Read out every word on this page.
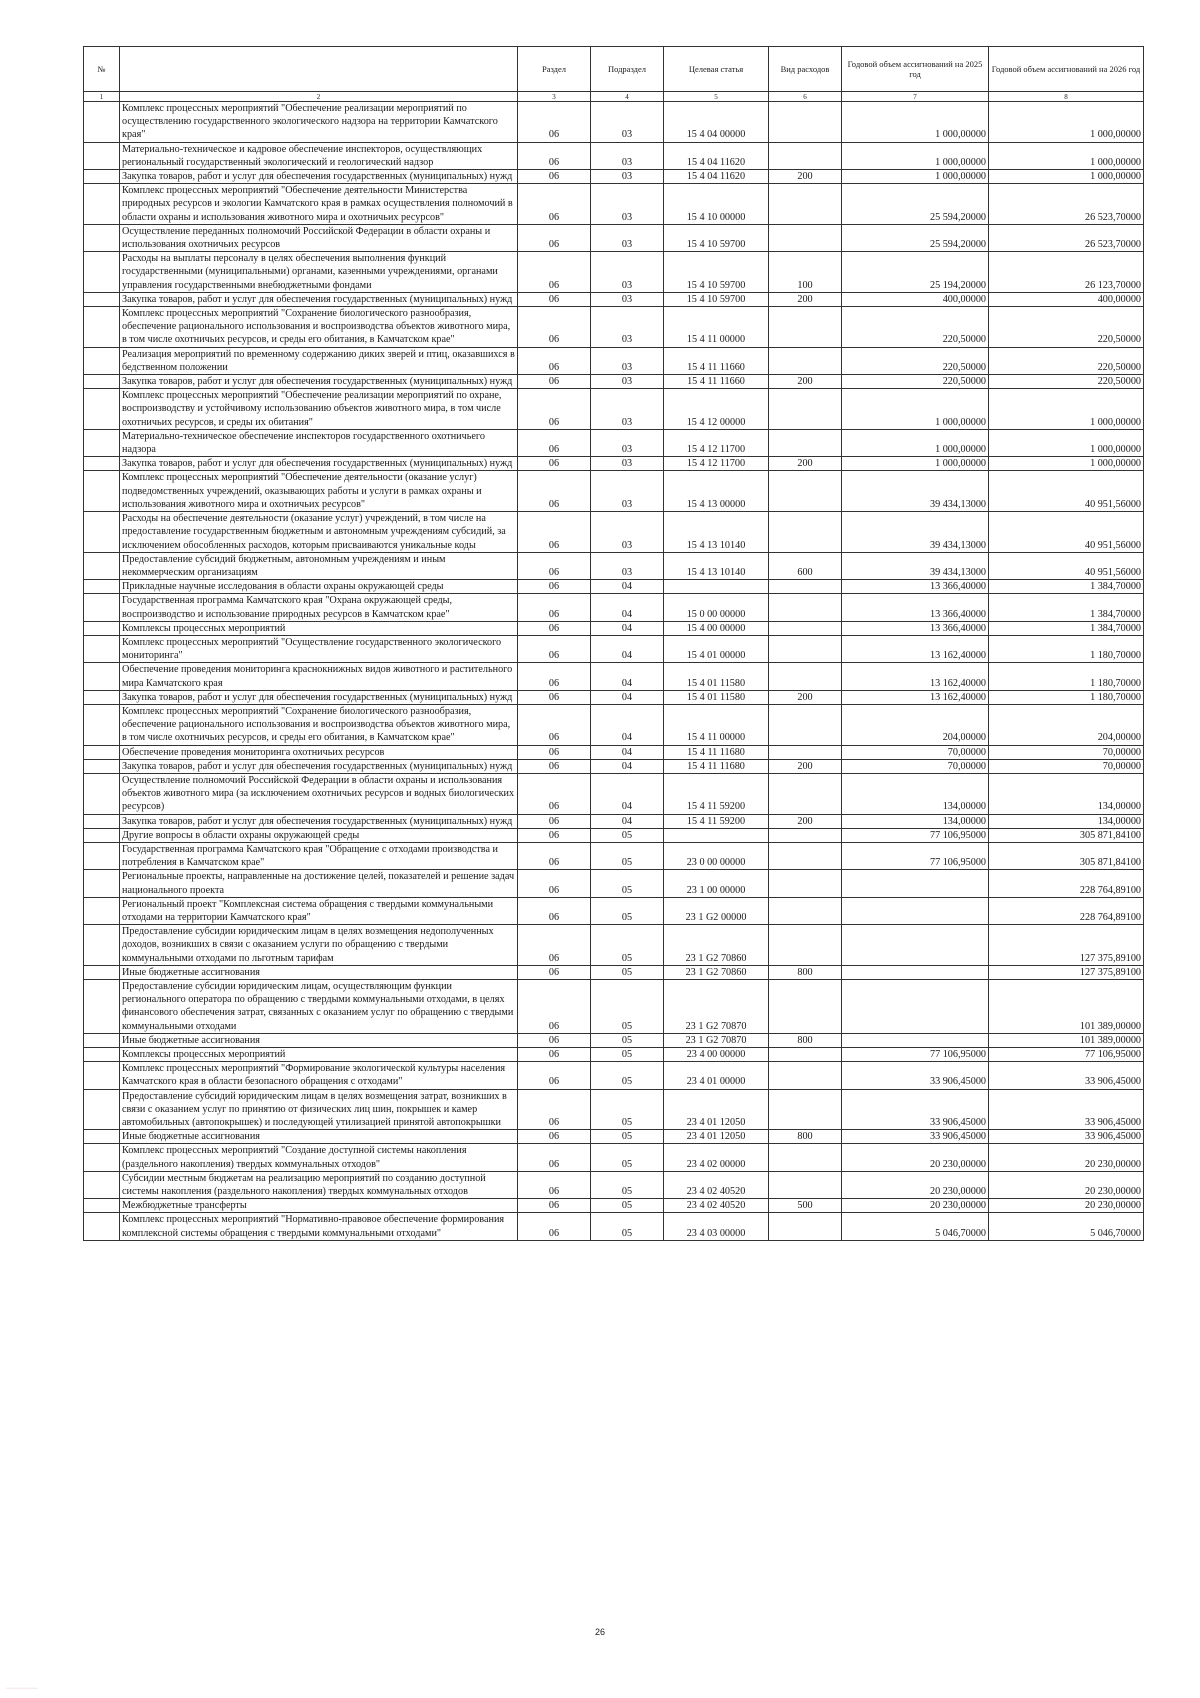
№		Раздел	Подраздел	Целевая статья	Вид расходов	Годовой объем ассигнований на 2025 год	Годовой объем ассигнований на 2026 год
1	2	3	4	5	6	7	8
	Комплекс процессных мероприятий "Обеспечение реализации мероприятий по осуществлению государственного экологического надзора на территории Камчатского края"	06	03	15 4 04 00000		1 000,00000	1 000,00000
	Материально-техническое и кадровое обеспечение инспекторов, осуществляющих региональный государственный экологический и геологический надзор	06	03	15 4 04 11620		1 000,00000	1 000,00000
	Закупка товаров, работ и услуг для обеспечения государственных (муниципальных) нужд	06	03	15 4 04 11620	200	1 000,00000	1 000,00000
	Комплекс процессных мероприятий "Обеспечение деятельности Министерства природных ресурсов и экологии Камчатского края в рамках осуществления полномочий в области охраны и использования животного мира и охотничьих ресурсов"	06	03	15 4 10 00000		25 594,20000	26 523,70000
	Осуществление переданных полномочий Российской Федерации в области охраны и использования охотничьих ресурсов	06	03	15 4 10 59700		25 594,20000	26 523,70000
	Расходы на выплаты персоналу в целях обеспечения выполнения функций государственными (муниципальными) органами, казенными учреждениями, органами управления государственными внебюджетными фондами	06	03	15 4 10 59700	100	25 194,20000	26 123,70000
	Закупка товаров, работ и услуг для обеспечения государственных (муниципальных) нужд	06	03	15 4 10 59700	200	400,00000	400,00000
	Комплекс процессных мероприятий "Сохранение биологического разнообразия, обеспечение рационального использования и воспроизводства объектов животного мира, в том числе охотничьих ресурсов, и среды его обитания, в Камчатском крае"	06	03	15 4 11 00000		220,50000	220,50000
	Реализация мероприятий по временному содержанию диких зверей и птиц, оказавшихся в бедственном положении	06	03	15 4 11 11660		220,50000	220,50000
	Закупка товаров, работ и услуг для обеспечения государственных (муниципальных) нужд	06	03	15 4 11 11660	200	220,50000	220,50000
	Комплекс процессных мероприятий "Обеспечение реализации мероприятий по охране, воспроизводству и устойчивому использованию объектов животного мира, в том числе охотничьих ресурсов, и среды их обитания"	06	03	15 4 12 00000		1 000,00000	1 000,00000
	Материально-техническое обеспечение инспекторов государственного охотничьего надзора	06	03	15 4 12 11700		1 000,00000	1 000,00000
	Закупка товаров, работ и услуг для обеспечения государственных (муниципальных) нужд	06	03	15 4 12 11700	200	1 000,00000	1 000,00000
	Комплекс процессных мероприятий "Обеспечение деятельности (оказание услуг) подведомственных учреждений, оказывающих работы и услуги в рамках охраны и использования животного мира и охотничьих ресурсов"	06	03	15 4 13 00000		39 434,13000	40 951,56000
	Расходы на обеспечение деятельности (оказание услуг) учреждений, в том числе на предоставление государственным бюджетным и автономным учреждениям субсидий, за исключением обособленных расходов, которым присваиваются уникальные коды	06	03	15 4 13 10140		39 434,13000	40 951,56000
	Предоставление субсидий бюджетным, автономным учреждениям и иным некоммерческим организациям	06	03	15 4 13 10140	600	39 434,13000	40 951,56000
	Прикладные научные исследования в области охраны окружающей среды	06	04			13 366,40000	1 384,70000
	Государственная программа Камчатского края "Охрана окружающей среды, воспроизводство и использование природных ресурсов в Камчатском крае"	06	04	15 0 00 00000		13 366,40000	1 384,70000
	Комплексы процессных мероприятий	06	04	15 4 00 00000		13 366,40000	1 384,70000
	Комплекс процессных мероприятий "Осуществление государственного экологического мониторинга"	06	04	15 4 01 00000		13 162,40000	1 180,70000
	Обеспечение проведения мониторинга краснокнижных видов животного и растительного мира Камчатского края	06	04	15 4 01 11580		13 162,40000	1 180,70000
	Закупка товаров, работ и услуг для обеспечения государственных (муниципальных) нужд	06	04	15 4 01 11580	200	13 162,40000	1 180,70000
	Комплекс процессных мероприятий "Сохранение биологического разнообразия, обеспечение рационального использования и воспроизводства объектов животного мира, в том числе охотничьих ресурсов, и среды его обитания, в Камчатском крае"	06	04	15 4 11 00000		204,00000	204,00000
	Обеспечение проведения мониторинга охотничьих ресурсов	06	04	15 4 11 11680		70,00000	70,00000
	Закупка товаров, работ и услуг для обеспечения государственных (муниципальных) нужд	06	04	15 4 11 11680	200	70,00000	70,00000
	Осуществление полномочий Российской Федерации в области охраны и использования объектов животного мира (за исключением охотничьих ресурсов и водных биологических ресурсов)	06	04	15 4 11 59200		134,00000	134,00000
	Закупка товаров, работ и услуг для обеспечения государственных (муниципальных) нужд	06	04	15 4 11 59200	200	134,00000	134,00000
	Другие вопросы в области охраны окружающей среды	06	05			77 106,95000	305 871,84100
	Государственная программа Камчатского края "Обращение с отходами производства и потребления в Камчатском крае"	06	05	23 0 00 00000		77 106,95000	305 871,84100
	Региональные проекты, направленные на достижение целей, показателей и решение задач национального проекта	06	05	23 1 00 00000			228 764,89100
	Региональный проект "Комплексная система обращения с твердыми коммунальными отходами на территории Камчатского края"	06	05	23 1 G2 00000			228 764,89100
	Предоставление субсидии юридическим лицам в целях возмещения недополученных доходов, возникших в связи с оказанием услуги по обращению с твердыми коммунальными отходами по льготным тарифам	06	05	23 1 G2 70860			127 375,89100
	Иные бюджетные ассигнования	06	05	23 1 G2 70860	800		127 375,89100
	Предоставление субсидии юридическим лицам, осуществляющим функции регионального оператора по обращению с твердыми коммунальными отходами, в целях финансового обеспечения затрат, связанных с оказанием услуг по обращению с твердыми коммунальными отходами	06	05	23 1 G2 70870			101 389,00000
	Иные бюджетные ассигнования	06	05	23 1 G2 70870	800		101 389,00000
	Комплексы процессных мероприятий	06	05	23 4 00 00000		77 106,95000	77 106,95000
	Комплекс процессных мероприятий "Формирование экологической культуры населения Камчатского края в области безопасного обращения с отходами"	06	05	23 4 01 00000		33 906,45000	33 906,45000
	Предоставление субсидий юридическим лицам в целях возмещения затрат, возникших в связи с оказанием услуг по принятию от физических лиц шин, покрышек и камер автомобильных (автопокрышек) и последующей утилизацией принятой автопокрышки	06	05	23 4 01 12050		33 906,45000	33 906,45000
	Иные бюджетные ассигнования	06	05	23 4 01 12050	800	33 906,45000	33 906,45000
	Комплекс процессных мероприятий "Создание доступной системы накопления (раздельного накопления) твердых коммунальных отходов"	06	05	23 4 02 00000		20 230,00000	20 230,00000
	Субсидии местным бюджетам на реализацию мероприятий по созданию доступной системы накопления (раздельного накопления) твердых коммунальных отходов	06	05	23 4 02 40520		20 230,00000	20 230,00000
	Межбюджетные трансферты	06	05	23 4 02 40520	500	20 230,00000	20 230,00000
	Комплекс процессных мероприятий "Нормативно-правовое обеспечение формирования комплексной системы обращения с твердыми коммунальными отходами"	06	05	23 4 03 00000		5 046,70000	5 046,70000
26
················
